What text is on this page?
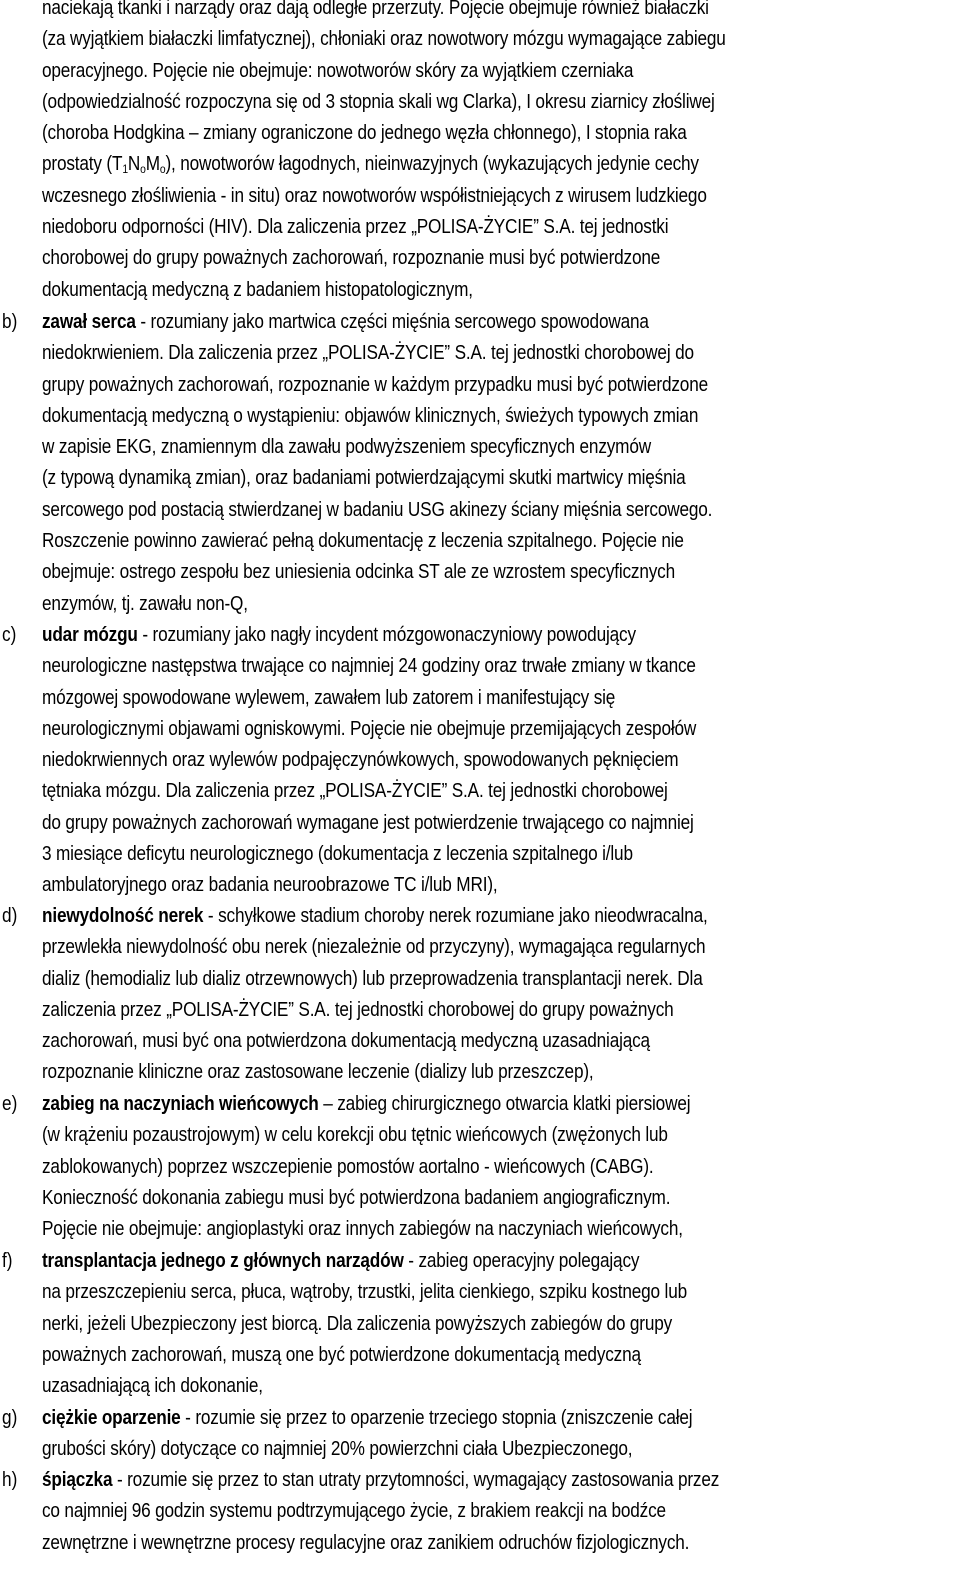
naciekają tkanki i narządy oraz dają odległe przerzuty. Pojęcie obejmuje również białaczki
(za wyjątkiem białaczki limfatycznej), chłoniaki oraz nowotwory mózgu wymagające zabiegu
operacyjnego. Pojęcie nie obejmuje: nowotworów skóry za wyjątkiem czerniaka
(odpowiedzialność rozpoczyna się od 3 stopnia skali wg Clarka), I okresu ziarnicy złośliwej
(choroba Hodgkina – zmiany ograniczone do jednego węzła chłonnego), I stopnia raka
prostaty $(T_1N_oM_o)$, nowotworów łagodnych, nieinwazyjnych (wykazujących jedynie cechy
wczesnego złośliwienia - in situ) oraz nowotworów współistniejących z wirusem ludzkiego
niedoboru odporności (HIV). Dla zaliczenia przez „POLISA-ŻYCIE” S.A. tej jednostki
chorobowej do grupy poważnych zachorowań, rozpoznanie musi być potwierdzone
dokumentacją medyczną z badaniem histopatologicznym,
b)	zawał serca - rozumiany jako martwica części mięśnia sercowego spowodowana
niedokrwieniem. Dla zaliczenia przez „POLISA-ŻYCIE” S.A. tej jednostki chorobowej do
grupy poważnych zachorowań, rozpoznanie w każdym przypadku musi być potwierdzone
dokumentacją medyczną o wystąpieniu: objawów klinicznych, świeżych typowych zmian
w zapisie EKG, znamiennym dla zawału podwyższeniem specyficznych enzymów
(z typową dynamiką zmian), oraz badaniami potwierdzającymi skutki martwicy mięśnia
sercowego pod postacią stwierdzanej w badaniu USG akinezy ściany mięśnia sercowego.
Roszczenie powinno zawierać pełną dokumentację z leczenia szpitalnego. Pojęcie nie
obejmuje: ostrego zespołu bez uniesienia odcinka ST ale ze wzrostem specyficznych
enzymów, tj. zawału non-Q,
c)	udar mózgu - rozumiany jako nagły incydent mózgowonaczyniowy powodujący
neurologiczne następstwa trwające co najmniej 24 godziny oraz trwałe zmiany w tkance
mózgowej spowodowane wylewem, zawałem lub zatorem i manifestujący się
neurologicznymi objawami ogniskowymi. Pojęcie nie obejmuje przemijających zespołów
niedokrwiennych oraz wylewów podpajęczynówkowych, spowodowanych pęknięciem
tętniaka mózgu. Dla zaliczenia przez „POLISA-ŻYCIE” S.A. tej jednostki chorobowej
do grupy poważnych zachorowań wymagane jest potwierdzenie trwającego co najmniej
3 miesiące deficytu neurologicznego (dokumentacja z leczenia szpitalnego i/lub
ambulatoryjnego oraz badania neuroobrazowe TC i/lub MRI),
d)	niewydolność nerek - schyłkowe stadium choroby nerek rozumiane jako nieodwracalna,
przewlekła niewydolność obu nerek (niezależnie od przyczyny), wymagająca regularnych
dializ (hemodializ lub dializ otrzewnowych) lub przeprowadzenia transplantacji nerek. Dla
zaliczenia przez „POLISA-ŻYCIE” S.A. tej jednostki chorobowej do grupy poważnych
zachorowań, musi być ona potwierdzona dokumentacją medyczną uzasadniającą
rozpoznanie kliniczne oraz zastosowane leczenie (dializy lub przeszczep),
e)	zabieg na naczyniach wieńcowych – zabieg chirurgicznego otwarcia klatki piersiowej
(w krążeniu pozaustrojowym) w celu korekcji obu tętnic wieńcowych (zwężonych lub
zablokowanych) poprzez wszczepienie pomostów aortalno - wieńcowych (CABG).
Konieczność dokonania zabiegu musi być potwierdzona badaniem angiograficznym.
Pojęcie nie obejmuje: angioplastyki oraz innych zabiegów na naczyniach wieńcowych,
f)	transplantacja jednego z głównych narządów - zabieg operacyjny polegający
na przeszczepieniu serca, płuca, wątroby, trzustki, jelita cienkiego, szpiku kostnego lub
nerki, jeżeli Ubezpieczony jest biorcą. Dla zaliczenia powyższych zabiegów do grupy
poważnych zachorowań, muszą one być potwierdzone dokumentacją medyczną
uzasadniającą ich dokonanie,
g)	ciężkie oparzenie - rozumie się przez to oparzenie trzeciego stopnia (zniszczenie całej
grubości skóry) dotyczące co najmniej 20% powierzchni ciała Ubezpieczonego,
h)	śpiączka - rozumie się przez to stan utraty przytomności, wymagający zastosowania przez
co najmniej 96 godzin systemu podtrzymującego życie, z brakiem reakcji na bodźce
zewnętrzne i wewnętrzne procesy regulacyjne oraz zanikiem odruchów fizjologicznych.
